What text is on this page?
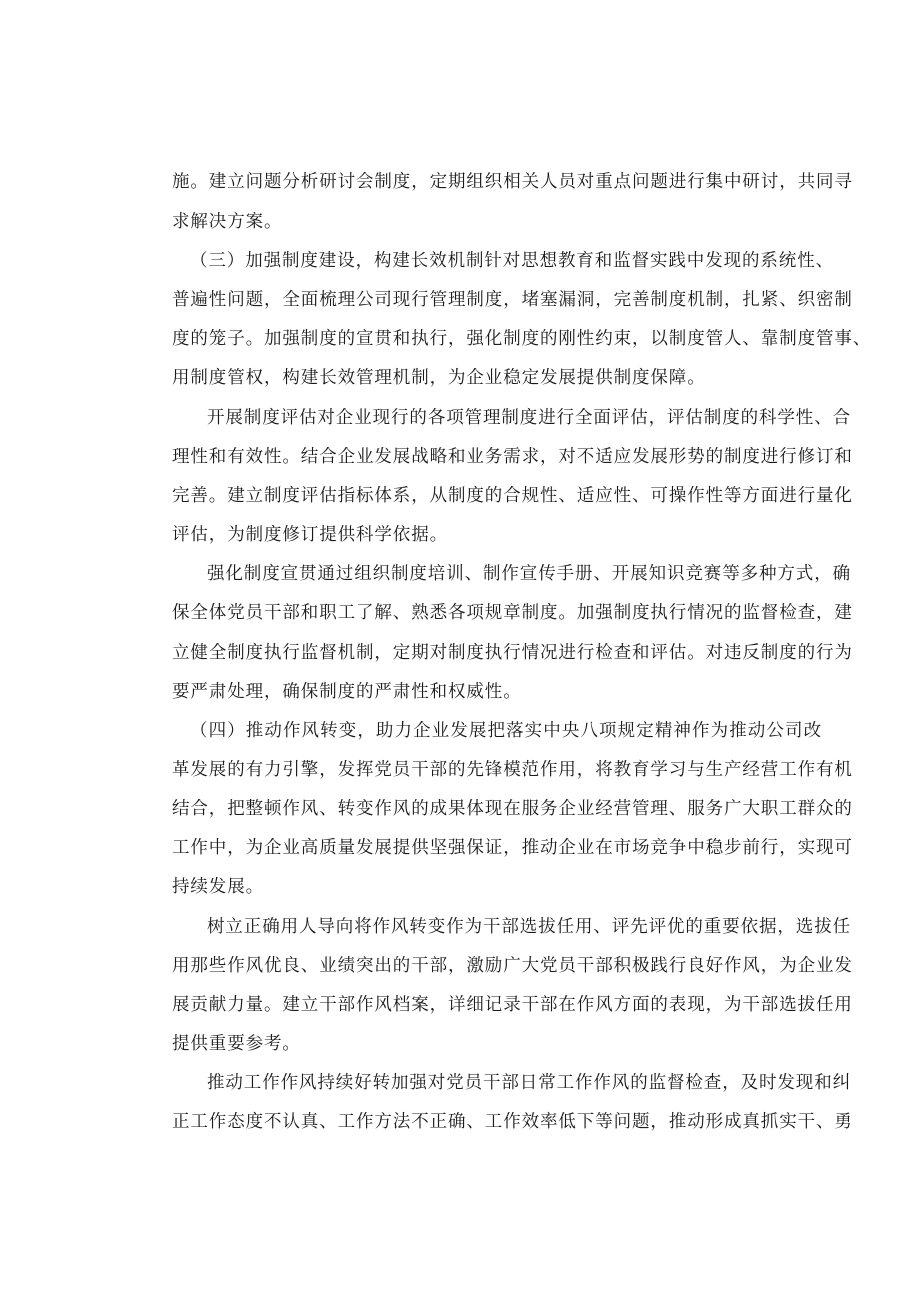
施。建立问题分析研讨会制度，定期组织相关人员对重点问题进行集中研讨，共同寻
求解决方案。
（三）加强制度建设，构建长效机制针对思想教育和监督实践中发现的系统性、
普遍性问题，全面梳理公司现行管理制度，堵塞漏洞，完善制度机制，扎紧、织密制
度的笼子。加强制度的宣贯和执行，强化制度的刚性约束，以制度管人、靠制度管事、
用制度管权，构建长效管理机制，为企业稳定发展提供制度保障。
开展制度评估对企业现行的各项管理制度进行全面评估，评估制度的科学性、合
理性和有效性。结合企业发展战略和业务需求，对不适应发展形势的制度进行修订和
完善。建立制度评估指标体系，从制度的合规性、适应性、可操作性等方面进行量化
评估，为制度修订提供科学依据。
强化制度宣贯通过组织制度培训、制作宣传手册、开展知识竞赛等多种方式，确
保全体党员干部和职工了解、熟悉各项规章制度。加强制度执行情况的监督检查，建
立健全制度执行监督机制，定期对制度执行情况进行检查和评估。对违反制度的行为
要严肃处理，确保制度的严肃性和权威性。
（四）推动作风转变，助力企业发展把落实中央八项规定精神作为推动公司改
革发展的有力引擎，发挥党员干部的先锋模范作用，将教育学习与生产经营工作有机
结合，把整顿作风、转变作风的成果体现在服务企业经营管理、服务广大职工群众的
工作中，为企业高质量发展提供坚强保证，推动企业在市场竞争中稳步前行，实现可
持续发展。
树立正确用人导向将作风转变作为干部选拔任用、评先评优的重要依据，选拔任
用那些作风优良、业绩突出的干部，激励广大党员干部积极践行良好作风，为企业发
展贡献力量。建立干部作风档案，详细记录干部在作风方面的表现，为干部选拔任用
提供重要参考。
推动工作作风持续好转加强对党员干部日常工作作风的监督检查，及时发现和纠
正工作态度不认真、工作方法不正确、工作效率低下等问题，推动形成真抓实干、勇
